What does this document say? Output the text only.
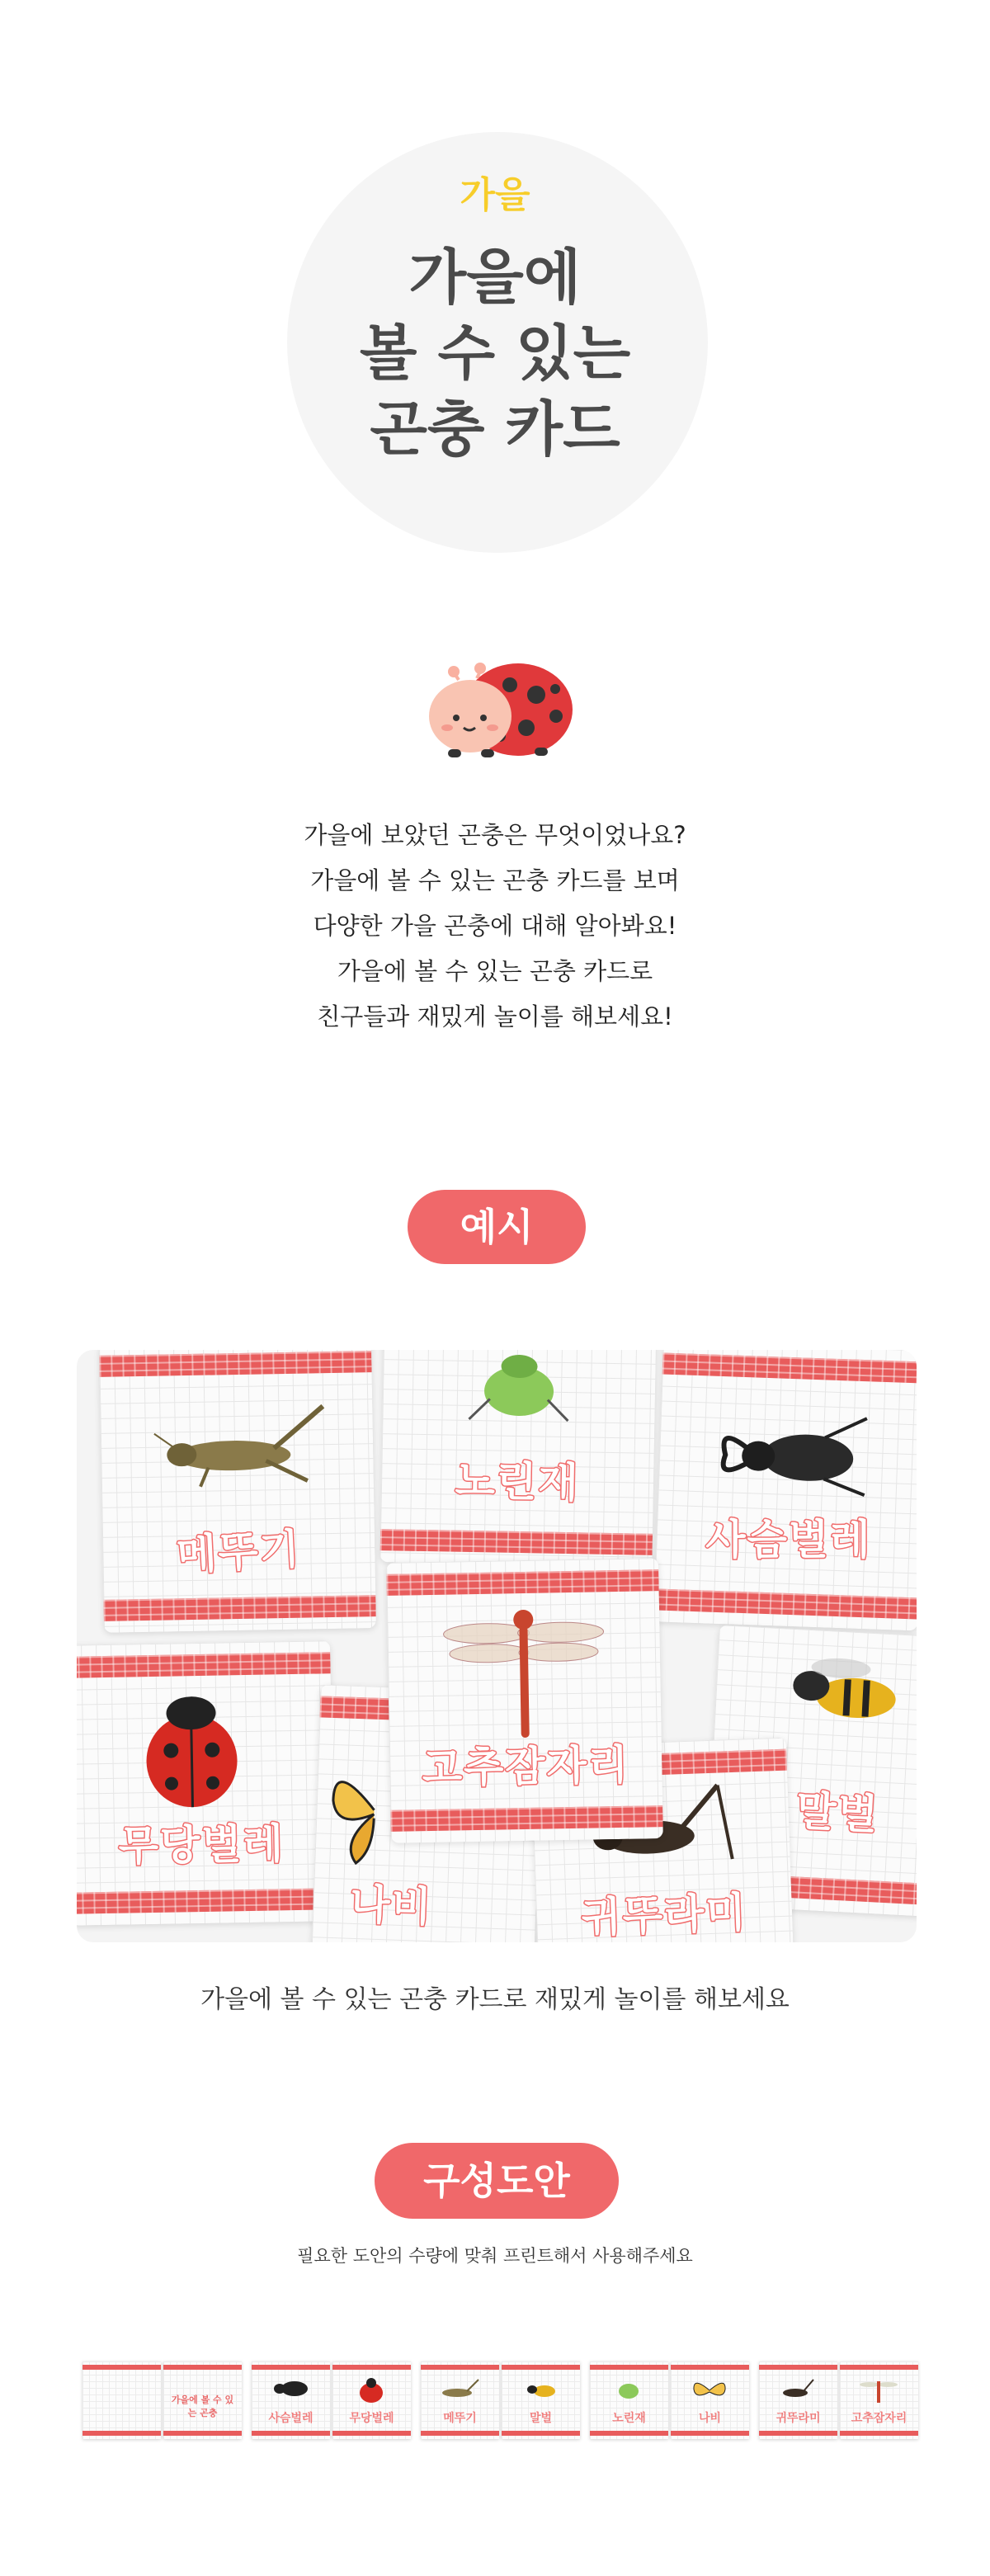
가을
가을에
볼 수 있는
곤충 카드
가을에 보았던 곤충은 무엇이었나요?
가을에 볼 수 있는 곤충 카드를 보며
다양한 가을 곤충에 대해 알아봐요!
가을에 볼 수 있는 곤충 카드로
친구들과 재밌게 놀이를 해보세요!
예시
메뚜기
노린재
사슴벌레
무당벌레
나비
말벌
귀뚜라미
고추잠자리
가을에 볼 수 있는 곤충 카드로 재밌게 놀이를 해보세요
구성도안
필요한 도안의 수량에 맞춰 프린트해서 사용해주세요
가을에 볼 수 있는 곤충	사슴벌레	무당벌레	메뚜기	말벌	노린재	나비	귀뚜라미	고추잠자리
